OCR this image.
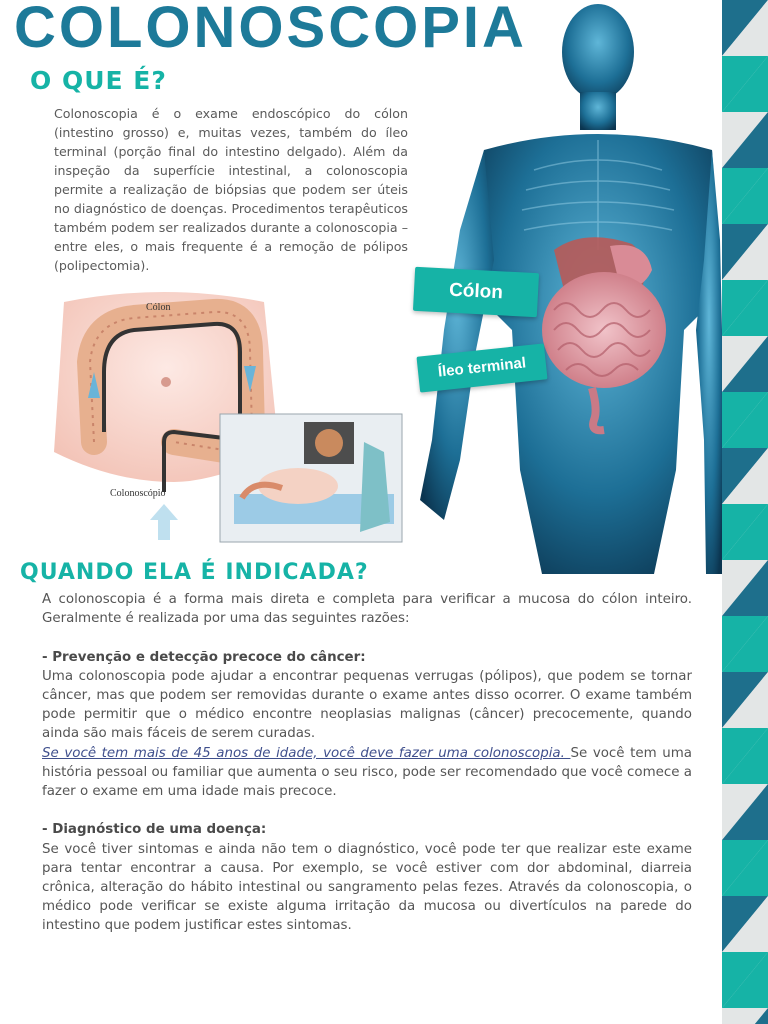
COLONOSCOPIA
O QUE É?

Colonoscopia é o exame endoscópico do cólon (intestino grosso) e, muitas vezes, também do íleo terminal (porção final do intestino delgado). Além da inspeção da superfície intestinal, a colonoscopia permite a realização de biópsias que podem ser úteis no diagnóstico de doenças. Procedimentos terapêuticos também podem ser realizados durante a colonoscopia – entre eles, o mais frequente é a remoção de pólipos (polipectomia).

Cólon
Íleo terminal
Cólon
Colonoscópio
QUANDO ELA É INDICADA?

A colonoscopia é a forma mais direta e completa para verificar a mucosa do cólon inteiro. Geralmente é realizada por uma das seguintes razões:

- Prevenção e detecção precoce do câncer:

Uma colonoscopia pode ajudar a encontrar pequenas verrugas (pólipos), que podem se tornar câncer, mas que podem ser removidas durante o exame antes disso ocorrer. O exame também pode permitir que o médico encontre neoplasias malignas (câncer) precocemente, quando ainda são mais fáceis de serem curadas.

Se você tem mais de 45 anos de idade, você deve fazer uma colonoscopia. Se você tem uma história pessoal ou familiar que aumenta o seu risco, pode ser recomendado que você comece a fazer o exame em uma idade mais precoce.

- Diagnóstico de uma doença:

Se você tiver sintomas e ainda não tem o diagnóstico, você pode ter que realizar este exame para tentar encontrar a causa. Por exemplo, se você estiver com dor abdominal, diarreia crônica, alteração do hábito intestinal ou sangramento pelas fezes. Através da colonoscopia, o médico pode verificar se existe alguma irritação da mucosa ou divertículos na parede do intestino que podem justificar estes sintomas.
